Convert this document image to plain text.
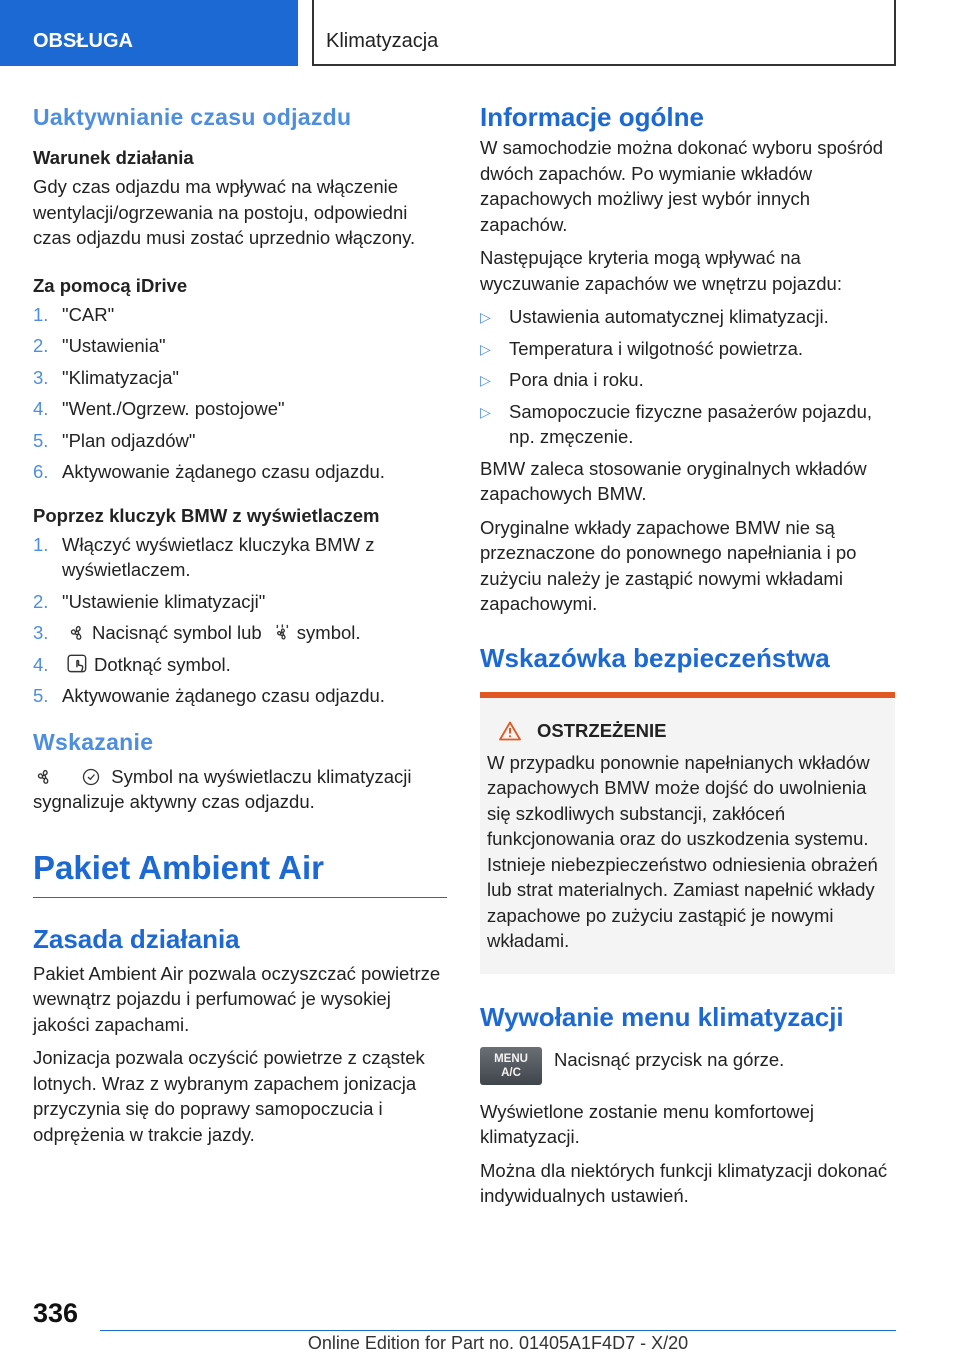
OBSŁUGA	Klimatyzacja
Uaktywnianie czasu odjazdu
Warunek działania

Gdy czas odjazdu ma wpływać na włączenie wentylacji/ogrzewania na postoju, odpowiedni czas odjazdu musi zostać uprzednio włączony.

Za pomocą iDrive
1. "CAR"
2. "Ustawienia"
3. "Klimatyzacja"
4. "Went./Ogrzew. postojowe"
5. "Plan odjazdów"
6. Aktywowanie żądanego czasu odjazdu.
Poprzez kluczyk BMW z wyświetlaczem
1. Włączyć wyświetlacz kluczyka BMW z wyświetlaczem.
2. "Ustawienie klimatyzacji"
3. Nacisnąć symbol lub symbol.
4. Dotknąć symbol.
5. Aktywowanie żądanego czasu odjazdu.
Wskazanie

Symbol na wyświetlaczu klimatyzacji sygnalizuje aktywny czas odjazdu.

Pakiet Ambient Air
Zasada działania

Pakiet Ambient Air pozwala oczyszczać powietrze wewnątrz pojazdu i perfumować je wysokiej jakości zapachami.

Jonizacja pozwala oczyścić powietrze z cząstek lotnych. Wraz z wybranym zapachem jonizacja przyczynia się do poprawy samopoczucia i odprężenia w trakcie jazdy.

Informacje ogólne

W samochodzie można dokonać wyboru spośród dwóch zapachów. Po wymianie wkładów zapachowych możliwy jest wybór innych zapachów.

Następujące kryteria mogą wpływać na wyczuwanie zapachów we wnętrzu pojazdu:

▷ Ustawienia automatycznej klimatyzacji.
▷ Temperatura i wilgotność powietrza.
▷ Pora dnia i roku.
▷ Samopoczucie fizyczne pasażerów pojazdu, np. zmęczenie.

BMW zaleca stosowanie oryginalnych wkładów zapachowych BMW.

Oryginalne wkłady zapachowe BMW nie są przeznaczone do ponownego napełniania i po zużyciu należy je zastąpić nowymi wkładami zapachowymi.

Wskazówka bezpieczeństwa
OSTRZEŻENIE

W przypadku ponownie napełnianych wkładów zapachowych BMW może dojść do uwolnienia się szkodliwych substancji, zakłóceń funkcjonowania oraz do uszkodzenia systemu. Istnieje niebezpieczeństwo odniesienia obrażeń lub strat materialnych. Zamiast napełnić wkłady zapachowe po zużyciu zastąpić je nowymi wkładami.

Wywołanie menu klimatyzacji
MENU
A/C

Nacisnąć przycisk na górze.

Wyświetlone zostanie menu komfortowej klimatyzacji.

Można dla niektórych funkcji klimatyzacji dokonać indywidualnych ustawień.

336
Online Edition for Part no. 01405A1F4D7 - X/20
